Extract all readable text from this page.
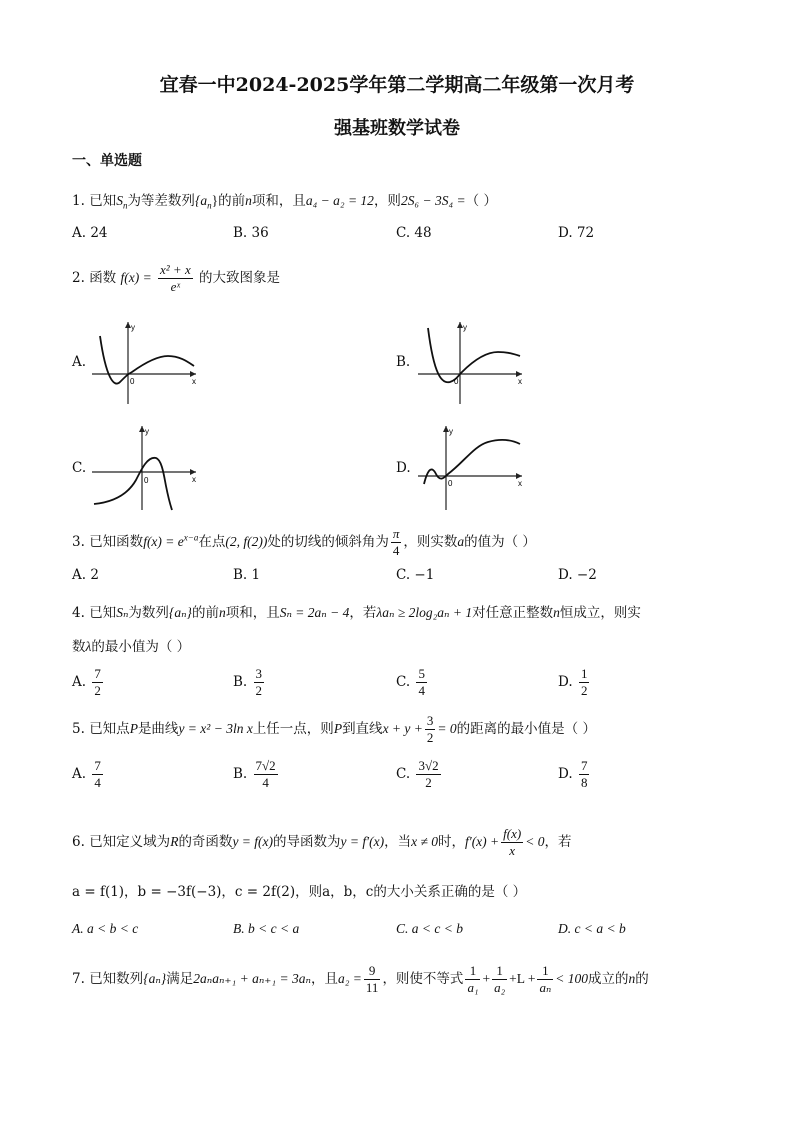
宜春一中2024-2025学年第二学期高二年级第一次月考
强基班数学试卷
一、单选题
1. 已知$S_n$为等差数列$\{a_n\}$的前n项和，且a₄ − a₂ = 12，则2S₆ − 3S₄ =（ ）
A. 24	B. 36	C. 48	D. 72
2. 函数 $f(x) = \frac{\text{x² + x}}{\text{eˣ}}$ 的大致图象是
A.
y
x
0
B.
y
x
0
C.
y
x
0
D.
y
x
0
3. 已知函数$f(x) = e^{x-a}$在点(2, f(2))处的切线的倾斜角为 $\frac{\pi}{4}$ ，则实数a的值为（ ）
A. 2	B. 1	C. −1	D. −2
4. 已知Sₙ为数列{aₙ}的前n项和，且Sₙ = 2aₙ − 4，若λaₙ ≥ 2log₂aₙ + 1对任意正整数n恒成立，则实
数λ的最小值为（ ）
A. $\frac{7}{2}$	B. $\frac{3}{2}$	C. $\frac{5}{4}$	D. $\frac{1}{2}$
5. 已知点P是曲线y = x² − 3ln x上任一点，则P到直线$x + y + \frac{3}{2} = 0$的距离的最小值是（ ）
A. $\frac{7}{4}$	B. $\frac{7√2}{4}$	C. $\frac{3√2}{2}$	D. $\frac{7}{8}$
6. 已知定义域为R的奇函数y = f(x)的导函数为y = f′(x)，当x ≠ 0时，$f'(x) + \frac{f(x)}{x} < 0$，若
a = f(1)，b = −3f(−3)，c = 2f(2)，则a，b，c的大小关系正确的是（ ）
A. a < b < c	B. b < c < a	C. a < c < b	D. c < a < b
7. 已知数列{aₙ}满足2aₙaₙ₊₁ + aₙ₊₁ = 3aₙ，且$a_2 = \frac{9}{11}$ ，则使不等式 $\frac{1}{\text{a₁}} + \frac{1}{\text{a₂}} +L + \frac{1}{\text{aₙ}} < 100$成立的n的
